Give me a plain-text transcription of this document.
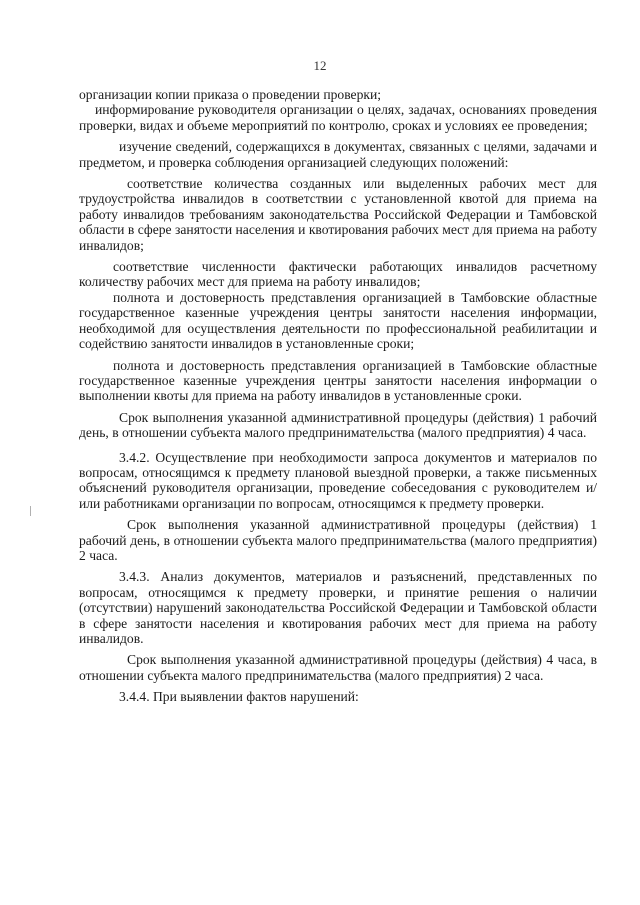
12

организации копии приказа о проведении проверки;

информирование руководителя организации о целях, задачах, основаниях проведения проверки, видах и объеме мероприятий по контролю, сроках и условиях ее проведения;

изучение сведений, содержащихся в документах, связанных с целями, задачами и предметом, и проверка соблюдения организацией следующих положений:

соответствие количества созданных или выделенных рабочих мест для трудоустройства инвалидов в соответствии с установленной квотой для приема на работу инвалидов требованиям законодательства Российской Федерации и Тамбовской области в сфере занятости населения и квотирования рабочих мест для приема на работу инвалидов;

соответствие численности фактически работающих инвалидов расчетному количеству рабочих мест для приема на работу инвалидов;

полнота и достоверность представления организацией в Тамбовские областные государственное казенные учреждения центры занятости населения информации, необходимой для осуществления деятельности по профессиональной реабилитации и содействию занятости инвалидов в установленные сроки;

полнота и достоверность представления организацией в Тамбовские областные государственное казенные учреждения центры занятости населения информации о выполнении квоты для приема на работу инвалидов в установленные сроки.

Срок выполнения указанной административной процедуры (действия) 1 рабочий день, в отношении субъекта малого предпринимательства (малого предприятия) 4 часа.

3.4.2. Осуществление при необходимости запроса документов и материалов по вопросам, относящимся к предмету плановой выездной проверки, а также письменных объяснений руководителя организации, проведение собеседования с руководителем и/или работниками организации по вопросам, относящимся к предмету проверки.

Срок выполнения указанной административной процедуры (действия) 1 рабочий день, в отношении субъекта малого предпринимательства (малого предприятия) 2 часа.

3.4.3. Анализ документов, материалов и разъяснений, представленных по вопросам, относящимся к предмету проверки, и принятие решения о наличии (отсутствии) нарушений законодательства Российской Федерации и Тамбовской области в сфере занятости населения и квотирования рабочих мест для приема на работу инвалидов.

Срок выполнения указанной административной процедуры (действия) 4 часа, в отношении субъекта малого предпринимательства (малого предприятия) 2 часа.

3.4.4. При выявлении фактов нарушений:
